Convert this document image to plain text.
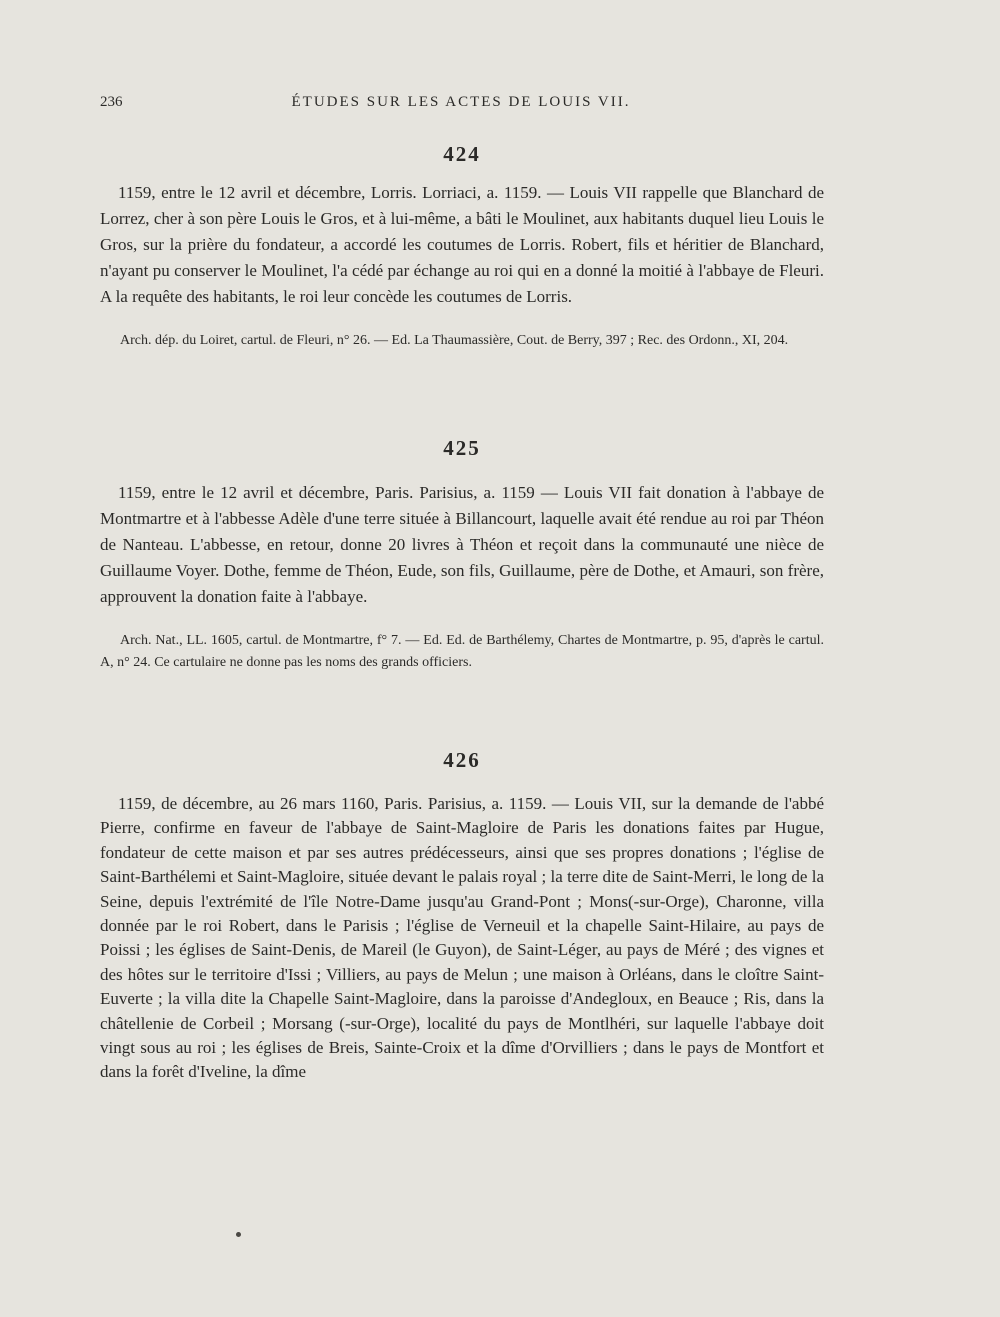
236	ÉTUDES SUR LES ACTES DE LOUIS VII.
424

1159, entre le 12 avril et décembre, Lorris. Lorriaci, a. 1159. — Louis VII rappelle que Blanchard de Lorrez, cher à son père Louis le Gros, et à lui-même, a bâti le Moulinet, aux habitants duquel lieu Louis le Gros, sur la prière du fondateur, a accordé les coutumes de Lorris. Robert, fils et héritier de Blanchard, n'ayant pu conserver le Moulinet, l'a cédé par échange au roi qui en a donné la moitié à l'abbaye de Fleuri. A la requête des habitants, le roi leur concède les coutumes de Lorris.

Arch. dép. du Loiret, cartul. de Fleuri, n° 26. — Ed. La Thaumassière, Cout. de Berry, 397 ; Rec. des Ordonn., XI, 204.

425

1159, entre le 12 avril et décembre, Paris. Parisius, a. 1159 — Louis VII fait donation à l'abbaye de Montmartre et à l'abbesse Adèle d'une terre située à Billancourt, laquelle avait été rendue au roi par Théon de Nanteau. L'abbesse, en retour, donne 20 livres à Théon et reçoit dans la communauté une nièce de Guillaume Voyer. Dothe, femme de Théon, Eude, son fils, Guillaume, père de Dothe, et Amauri, son frère, approuvent la donation faite à l'abbaye.

Arch. Nat., LL. 1605, cartul. de Montmartre, f° 7. — Ed. Ed. de Barthélemy, Chartes de Montmartre, p. 95, d'après le cartul. A, n° 24. Ce cartulaire ne donne pas les noms des grands officiers.

426

1159, de décembre, au 26 mars 1160, Paris. Parisius, a. 1159. — Louis VII, sur la demande de l'abbé Pierre, confirme en faveur de l'abbaye de Saint-Magloire de Paris les donations faites par Hugue, fondateur de cette maison et par ses autres prédécesseurs, ainsi que ses propres donations ; l'église de Saint-Barthélemi et Saint-Magloire, située devant le palais royal ; la terre dite de Saint-Merri, le long de la Seine, depuis l'extrémité de l'île Notre-Dame jusqu'au Grand-Pont ; Mons(-sur-Orge), Charonne, villa donnée par le roi Robert, dans le Parisis ; l'église de Verneuil et la chapelle Saint-Hilaire, au pays de Poissi ; les églises de Saint-Denis, de Mareil (le Guyon), de Saint-Léger, au pays de Méré ; des vignes et des hôtes sur le territoire d'Issi ; Villiers, au pays de Melun ; une maison à Orléans, dans le cloître Saint-Euverte ; la villa dite la Chapelle Saint-Magloire, dans la paroisse d'Andegloux, en Beauce ; Ris, dans la châtellenie de Corbeil ; Morsang (-sur-Orge), localité du pays de Montlhéri, sur laquelle l'abbaye doit vingt sous au roi ; les églises de Breis, Sainte-Croix et la dîme d'Orvilliers ; dans le pays de Montfort et dans la forêt d'Iveline, la dîme
